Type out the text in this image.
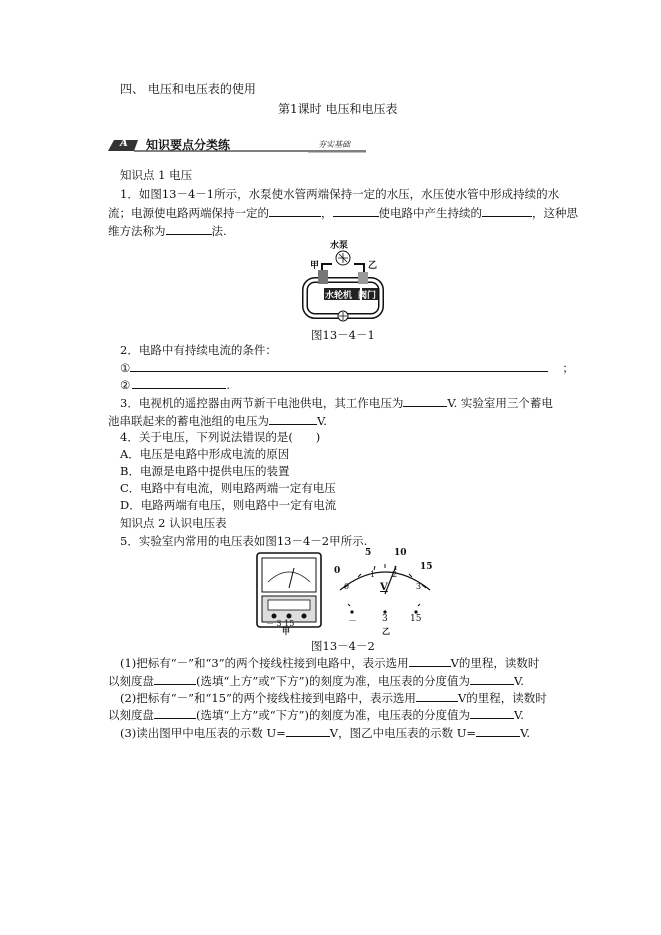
四、 电压和电压表的使用
第1课时 电压和电压表
A 知识要点分类练	夯实基础
知识点 1 电压
1．如图13－4－1所示，水泵使水管两端保持一定的水压，水压使水管中形成持续的水
流；电源使电路两端保持一定的	，	使电路中产生持续的	，这种思
维方法称为	法.
水泵
甲	乙
水轮机 阀门
图13－4－1
2．电路中有持续电流的条件：
①	；
②	.
3．电视机的遥控器由两节新干电池供电，其工作电压为	V. 实验室用三个蓄电
池串联起来的蓄电池组的电压为	V.
4．关于电压，下列说法错误的是(　　)
A．电压是电路中形成电流的原因
B．电源是电路中提供电压的装置
C．电路中有电流，则电路两端一定有电压
D．电路两端有电压，则电路中一定有电流
知识点 2 认识电压表
5．实验室内常用的电压表如图13－4－2甲所示.
－ 3 15
甲
0
5	10
15
0
1 2
3
V
－	3 15
乙
图13－4－2
(1)把标有“－”和“3”的两个接线柱接到电路中，表示选用	V的里程，读数时
以刻度盘	(选填“上方”或“下方”)的刻度为准，电压表的分度值为	V.
(2)把标有“－”和“15”的两个接线柱接到电路中，表示选用	V的里程，读数时
以刻度盘	(选填“上方”或“下方”)的刻度为准，电压表的分度值为	V.
(3)读出图甲中电压表的示数 U=	V，图乙中电压表的示数 U=	V.
